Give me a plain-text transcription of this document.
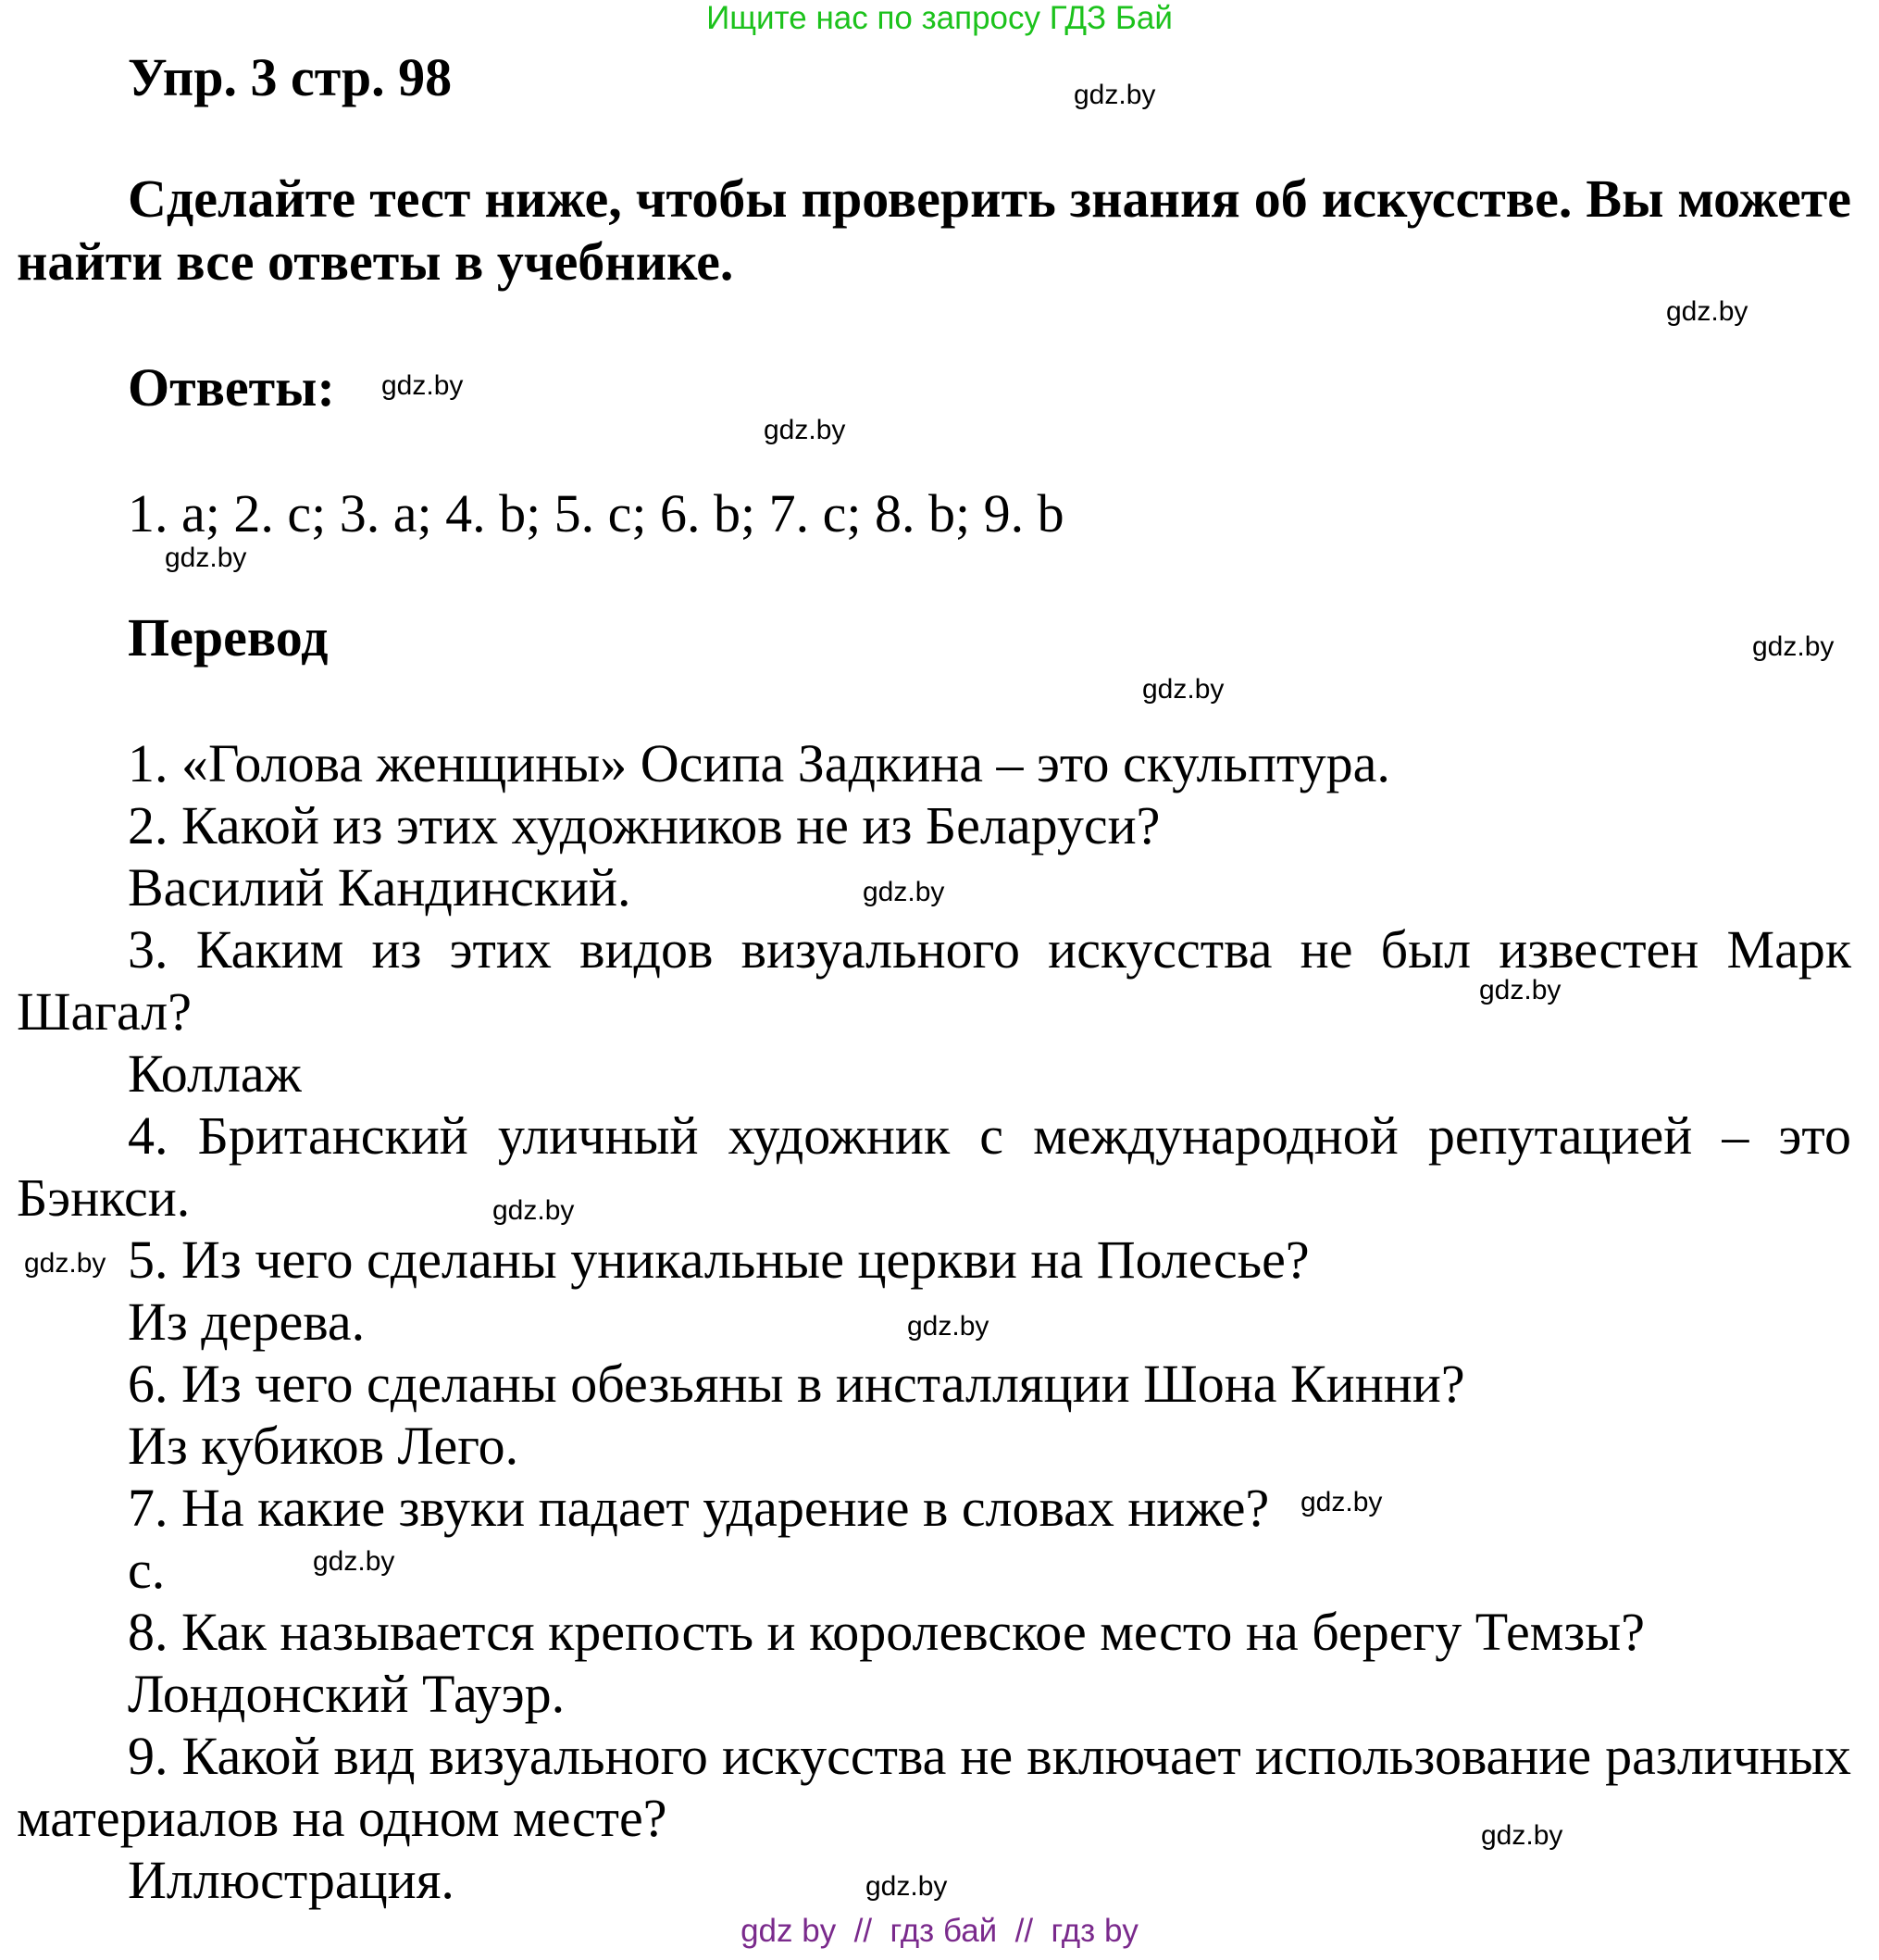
Ищите нас по запросу ГДЗ Бай
Упр. 3 стр. 98
Сделайте тест ниже, чтобы проверить знания об искусстве. Вы можете
найти все ответы в учебнике.
Ответы:
1. a; 2. c; 3. a; 4. b; 5. c; 6. b; 7. c; 8. b; 9. b
Перевод
1. «Голова женщины» Осипа Задкина – это скульптура.
2. Какой из этих художников не из Беларуси?
Василий Кандинский.
3. Каким из этих видов визуального искусства не был известен Марк
Шагал?
Коллаж
4. Британский уличный художник с международной репутацией – это
Бэнкси.
5. Из чего сделаны уникальные церкви на Полесье?
Из дерева.
6. Из чего сделаны обезьяны в инсталляции Шона Кинни?
Из кубиков Лего.
7. На какие звуки падает ударение в словах ниже?
c.
8. Как называется крепость и королевское место на берегу Темзы?
Лондонский Тауэр.
9. Какой вид визуального искусства не включает использование различных
материалов на одном месте?
Иллюстрация.
gdz.by
gdz.by
gdz.by
gdz.by
gdz.by
gdz.by
gdz.by
gdz.by
gdz.by
gdz.by
gdz.by
gdz.by
gdz.by
gdz.by
gdz.by
gdz.by
gdz by  //  гдз бай  //  гдз by
